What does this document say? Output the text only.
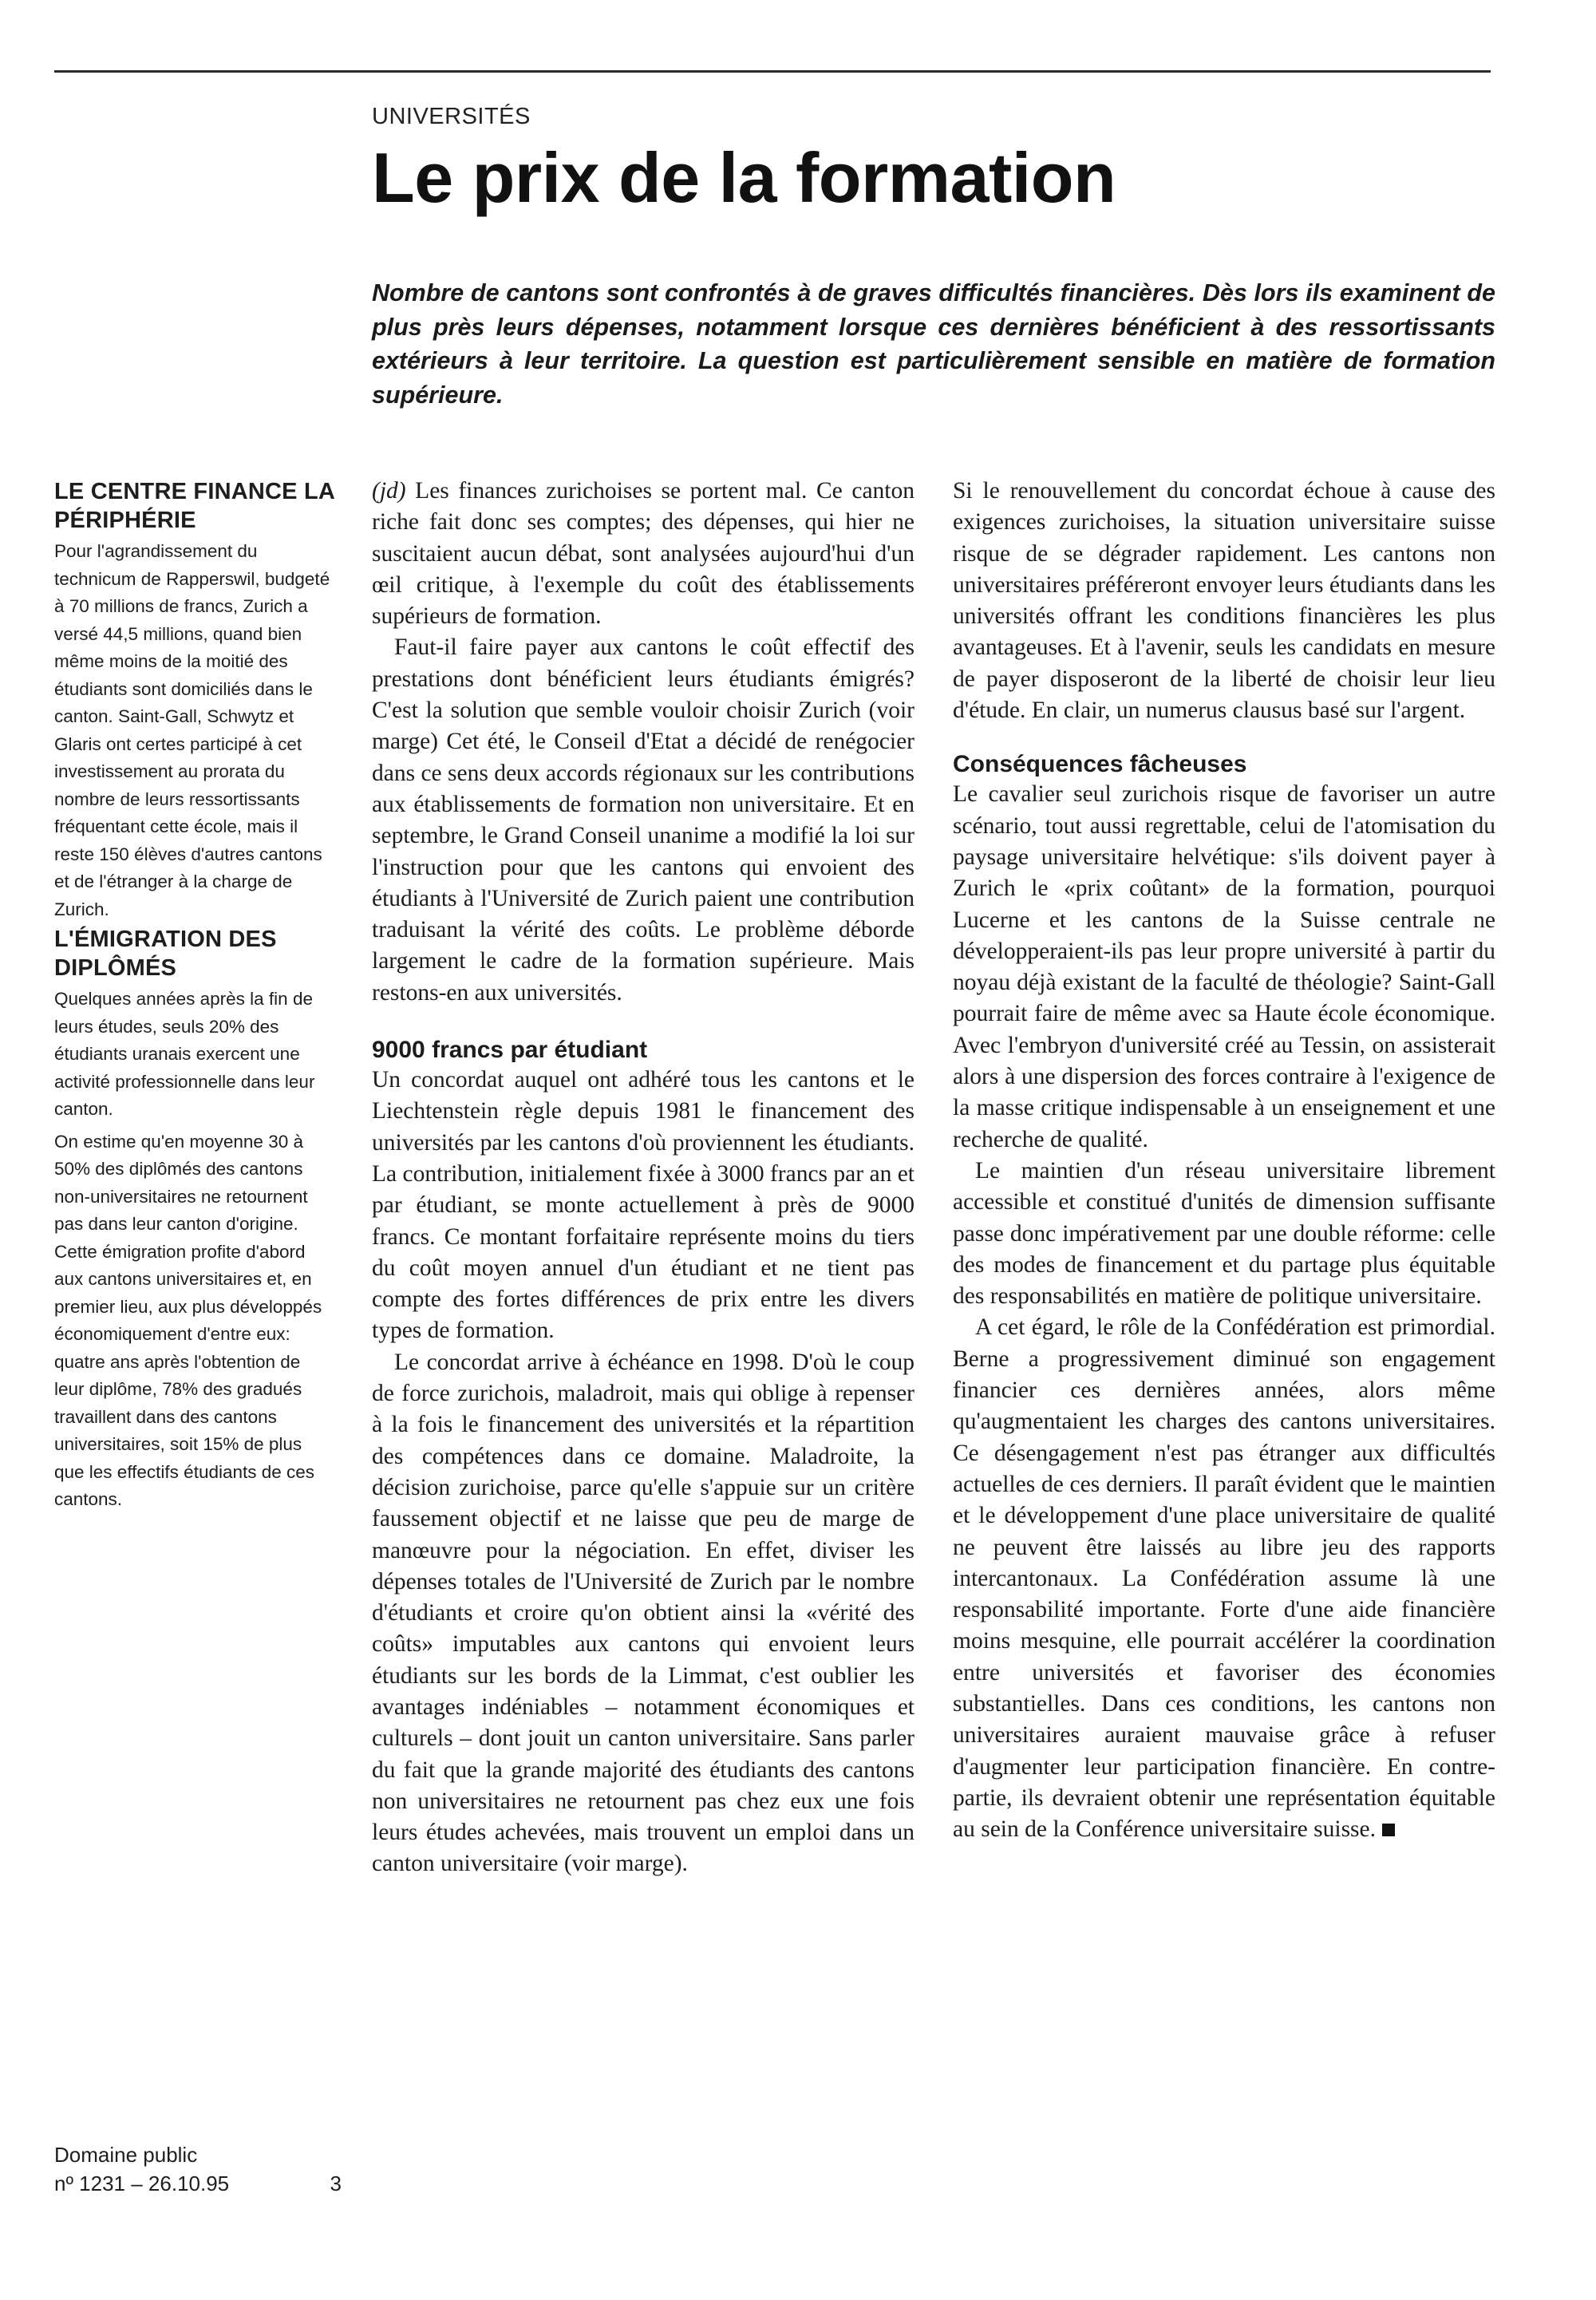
UNIVERSITÉS
Le prix de la formation

Nombre de cantons sont confrontés à de graves difficultés financières. Dès lors ils examinent de plus près leurs dépenses, notamment lorsque ces dernières bénéficient à des ressortissants extérieurs à leur territoire. La question est particulièrement sensible en matière de formation supérieure.

LE CENTRE FINANCE LA PÉRIPHÉRIE

Pour l'agrandissement du technicum de Rapperswil, budgeté à 70 millions de francs, Zurich a versé 44,5 millions, quand bien même moins de la moitié des étudiants sont domiciliés dans le canton. Saint-Gall, Schwytz et Glaris ont certes participé à cet investissement au prorata du nombre de leurs ressortissants fréquentant cette école, mais il reste 150 élèves d'autres cantons et de l'étranger à la charge de Zurich.

L'ÉMIGRATION DES DIPLÔMÉS

Quelques années après la fin de leurs études, seuls 20% des étudiants uranais exercent une activité professionnelle dans leur canton.

On estime qu'en moyenne 30 à 50% des diplômés des cantons non-universitaires ne retournent pas dans leur canton d'origine. Cette émigration profite d'abord aux cantons universitaires et, en premier lieu, aux plus développés économiquement d'entre eux: quatre ans après l'obtention de leur diplôme, 78% des gradués travaillent dans des cantons universitaires, soit 15% de plus que les effectifs étudiants de ces cantons.

(jd) Les finances zurichoises se portent mal. Ce canton riche fait donc ses comptes; des dépenses, qui hier ne suscitaient aucun débat, sont analysées aujourd'hui d'un œil critique, à l'exemple du coût des établissements supérieurs de formation.

Faut-il faire payer aux cantons le coût effectif des prestations dont bénéficient leurs étudiants émigrés? C'est la solution que semble vouloir choisir Zurich (voir marge) Cet été, le Conseil d'Etat a décidé de renégocier dans ce sens deux accords régionaux sur les contributions aux établissements de formation non universitaire. Et en septembre, le Grand Conseil unanime a modifié la loi sur l'instruction pour que les cantons qui envoient des étudiants à l'Université de Zurich paient une contribution traduisant la vérité des coûts. Le problème déborde largement le cadre de la formation supérieure. Mais restons-en aux universités.

9000 francs par étudiant

Un concordat auquel ont adhéré tous les cantons et le Liechtenstein règle depuis 1981 le financement des universités par les cantons d'où proviennent les étudiants. La contribution, initialement fixée à 3000 francs par an et par étudiant, se monte actuellement à près de 9000 francs. Ce montant forfaitaire représente moins du tiers du coût moyen annuel d'un étudiant et ne tient pas compte des fortes différences de prix entre les divers types de formation.

Le concordat arrive à échéance en 1998. D'où le coup de force zurichois, maladroit, mais qui oblige à repenser à la fois le financement des universités et la répartition des compétences dans ce domaine. Maladroite, la décision zurichoise, parce qu'elle s'appuie sur un critère faussement objectif et ne laisse que peu de marge de manœuvre pour la négociation. En effet, diviser les dépenses totales de l'Université de Zurich par le nombre d'étudiants et croire qu'on obtient ainsi la «vérité des coûts» imputables aux cantons qui envoient leurs étudiants sur les bords de la Limmat, c'est oublier les avantages indéniables – notamment économiques et culturels – dont jouit un canton universitaire. Sans parler du fait que la grande majorité des étudiants des cantons non universitaires ne retournent pas chez eux une fois leurs études achevées, mais trouvent un emploi dans un canton universitaire (voir marge).

Si le renouvellement du concordat échoue à cause des exigences zurichoises, la situation universitaire suisse risque de se dégrader rapidement. Les cantons non universitaires préféreront envoyer leurs étudiants dans les universités offrant les conditions financières les plus avantageuses. Et à l'avenir, seuls les candidats en mesure de payer disposeront de la liberté de choisir leur lieu d'étude. En clair, un numerus clausus basé sur l'argent.

Conséquences fâcheuses

Le cavalier seul zurichois risque de favoriser un autre scénario, tout aussi regrettable, celui de l'atomisation du paysage universitaire helvétique: s'ils doivent payer à Zurich le «prix coûtant» de la formation, pourquoi Lucerne et les cantons de la Suisse centrale ne développeraient-ils pas leur propre université à partir du noyau déjà existant de la faculté de théologie? Saint-Gall pourrait faire de même avec sa Haute école économique. Avec l'embryon d'université créé au Tessin, on assisterait alors à une dispersion des forces contraire à l'exigence de la masse critique indispensable à un enseignement et une recherche de qualité.

Le maintien d'un réseau universitaire librement accessible et constitué d'unités de dimension suffisante passe donc impérativement par une double réforme: celle des modes de financement et du partage plus équitable des responsabilités en matière de politique universitaire.

A cet égard, le rôle de la Confédération est primordial. Berne a progressivement diminué son engagement financier ces dernières années, alors même qu'augmentaient les charges des cantons universitaires. Ce désengagement n'est pas étranger aux difficultés actuelles de ces derniers. Il paraît évident que le maintien et le développement d'une place universitaire de qualité ne peuvent être laissés au libre jeu des rapports intercantonaux. La Confédération assume là une responsabilité importante. Forte d'une aide financière moins mesquine, elle pourrait accélérer la coordination entre universités et favoriser des économies substantielles. Dans ces conditions, les cantons non universitaires auraient mauvaise grâce à refuser d'augmenter leur participation financière. En contre-partie, ils devraient obtenir une représentation équitable au sein de la Conférence universitaire suisse.

Domaine public
nº 1231 – 26.10.95	3
